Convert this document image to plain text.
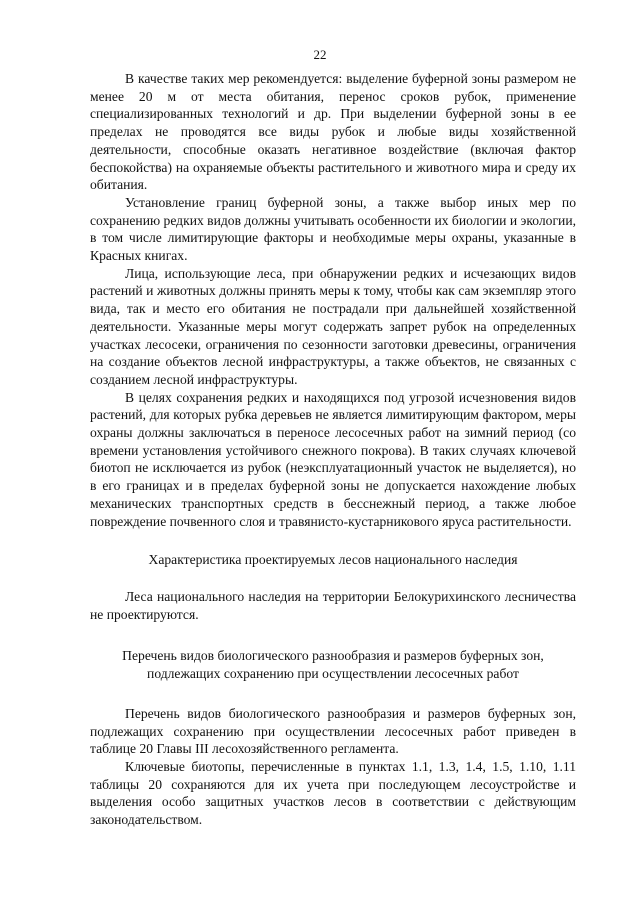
22

В качестве таких мер рекомендуется: выделение буферной зоны размером не менее 20 м от места обитания, перенос сроков рубок, применение специализированных технологий и др. При выделении буферной зоны в ее пределах не проводятся все виды рубок и любые виды хозяйственной деятельности, способные оказать негативное воздействие (включая фактор беспокойства) на охраняемые объекты растительного и животного мира и среду их обитания.

Установление границ буферной зоны, а также выбор иных мер по сохранению редких видов должны учитывать особенности их биологии и экологии, в том числе лимитирующие факторы и необходимые меры охраны, указанные в Красных книгах.

Лица, использующие леса, при обнаружении редких и исчезающих видов растений и животных должны принять меры к тому, чтобы как сам экземпляр этого вида, так и место его обитания не пострадали при дальнейшей хозяйственной деятельности. Указанные меры могут содержать запрет рубок на определенных участках лесосеки, ограничения по сезонности заготовки древесины, ограничения на создание объектов лесной инфраструктуры, а также объектов, не связанных с созданием лесной инфраструктуры.

В целях сохранения редких и находящихся под угрозой исчезновения видов растений, для которых рубка деревьев не является лимитирующим фактором, меры охраны должны заключаться в переносе лесосечных работ на зимний период (со времени установления устойчивого снежного покрова). В таких случаях ключевой биотоп не исключается из рубок (неэксплуатационный участок не выделяется), но в его границах и в пределах буферной зоны не допускается нахождение любых механических транспортных средств в бесснежный период, а также любое повреждение почвенного слоя и травянисто-кустарникового яруса растительности.

Характеристика проектируемых лесов национального наследия

Леса национального наследия на территории Белокурихинского лесничества не проектируются.

Перечень видов биологического разнообразия и размеров буферных зон,

подлежащих сохранению при осуществлении лесосечных работ

Перечень видов биологического разнообразия и размеров буферных зон, подлежащих сохранению при осуществлении лесосечных работ приведен в таблице 20 Главы III лесохозяйственного регламента.

Ключевые биотопы, перечисленные в пунктах 1.1, 1.3, 1.4, 1.5, 1.10, 1.11 таблицы 20 сохраняются для их учета при последующем лесоустройстве и выделения особо защитных участков лесов в соответствии с действующим законодательством.
